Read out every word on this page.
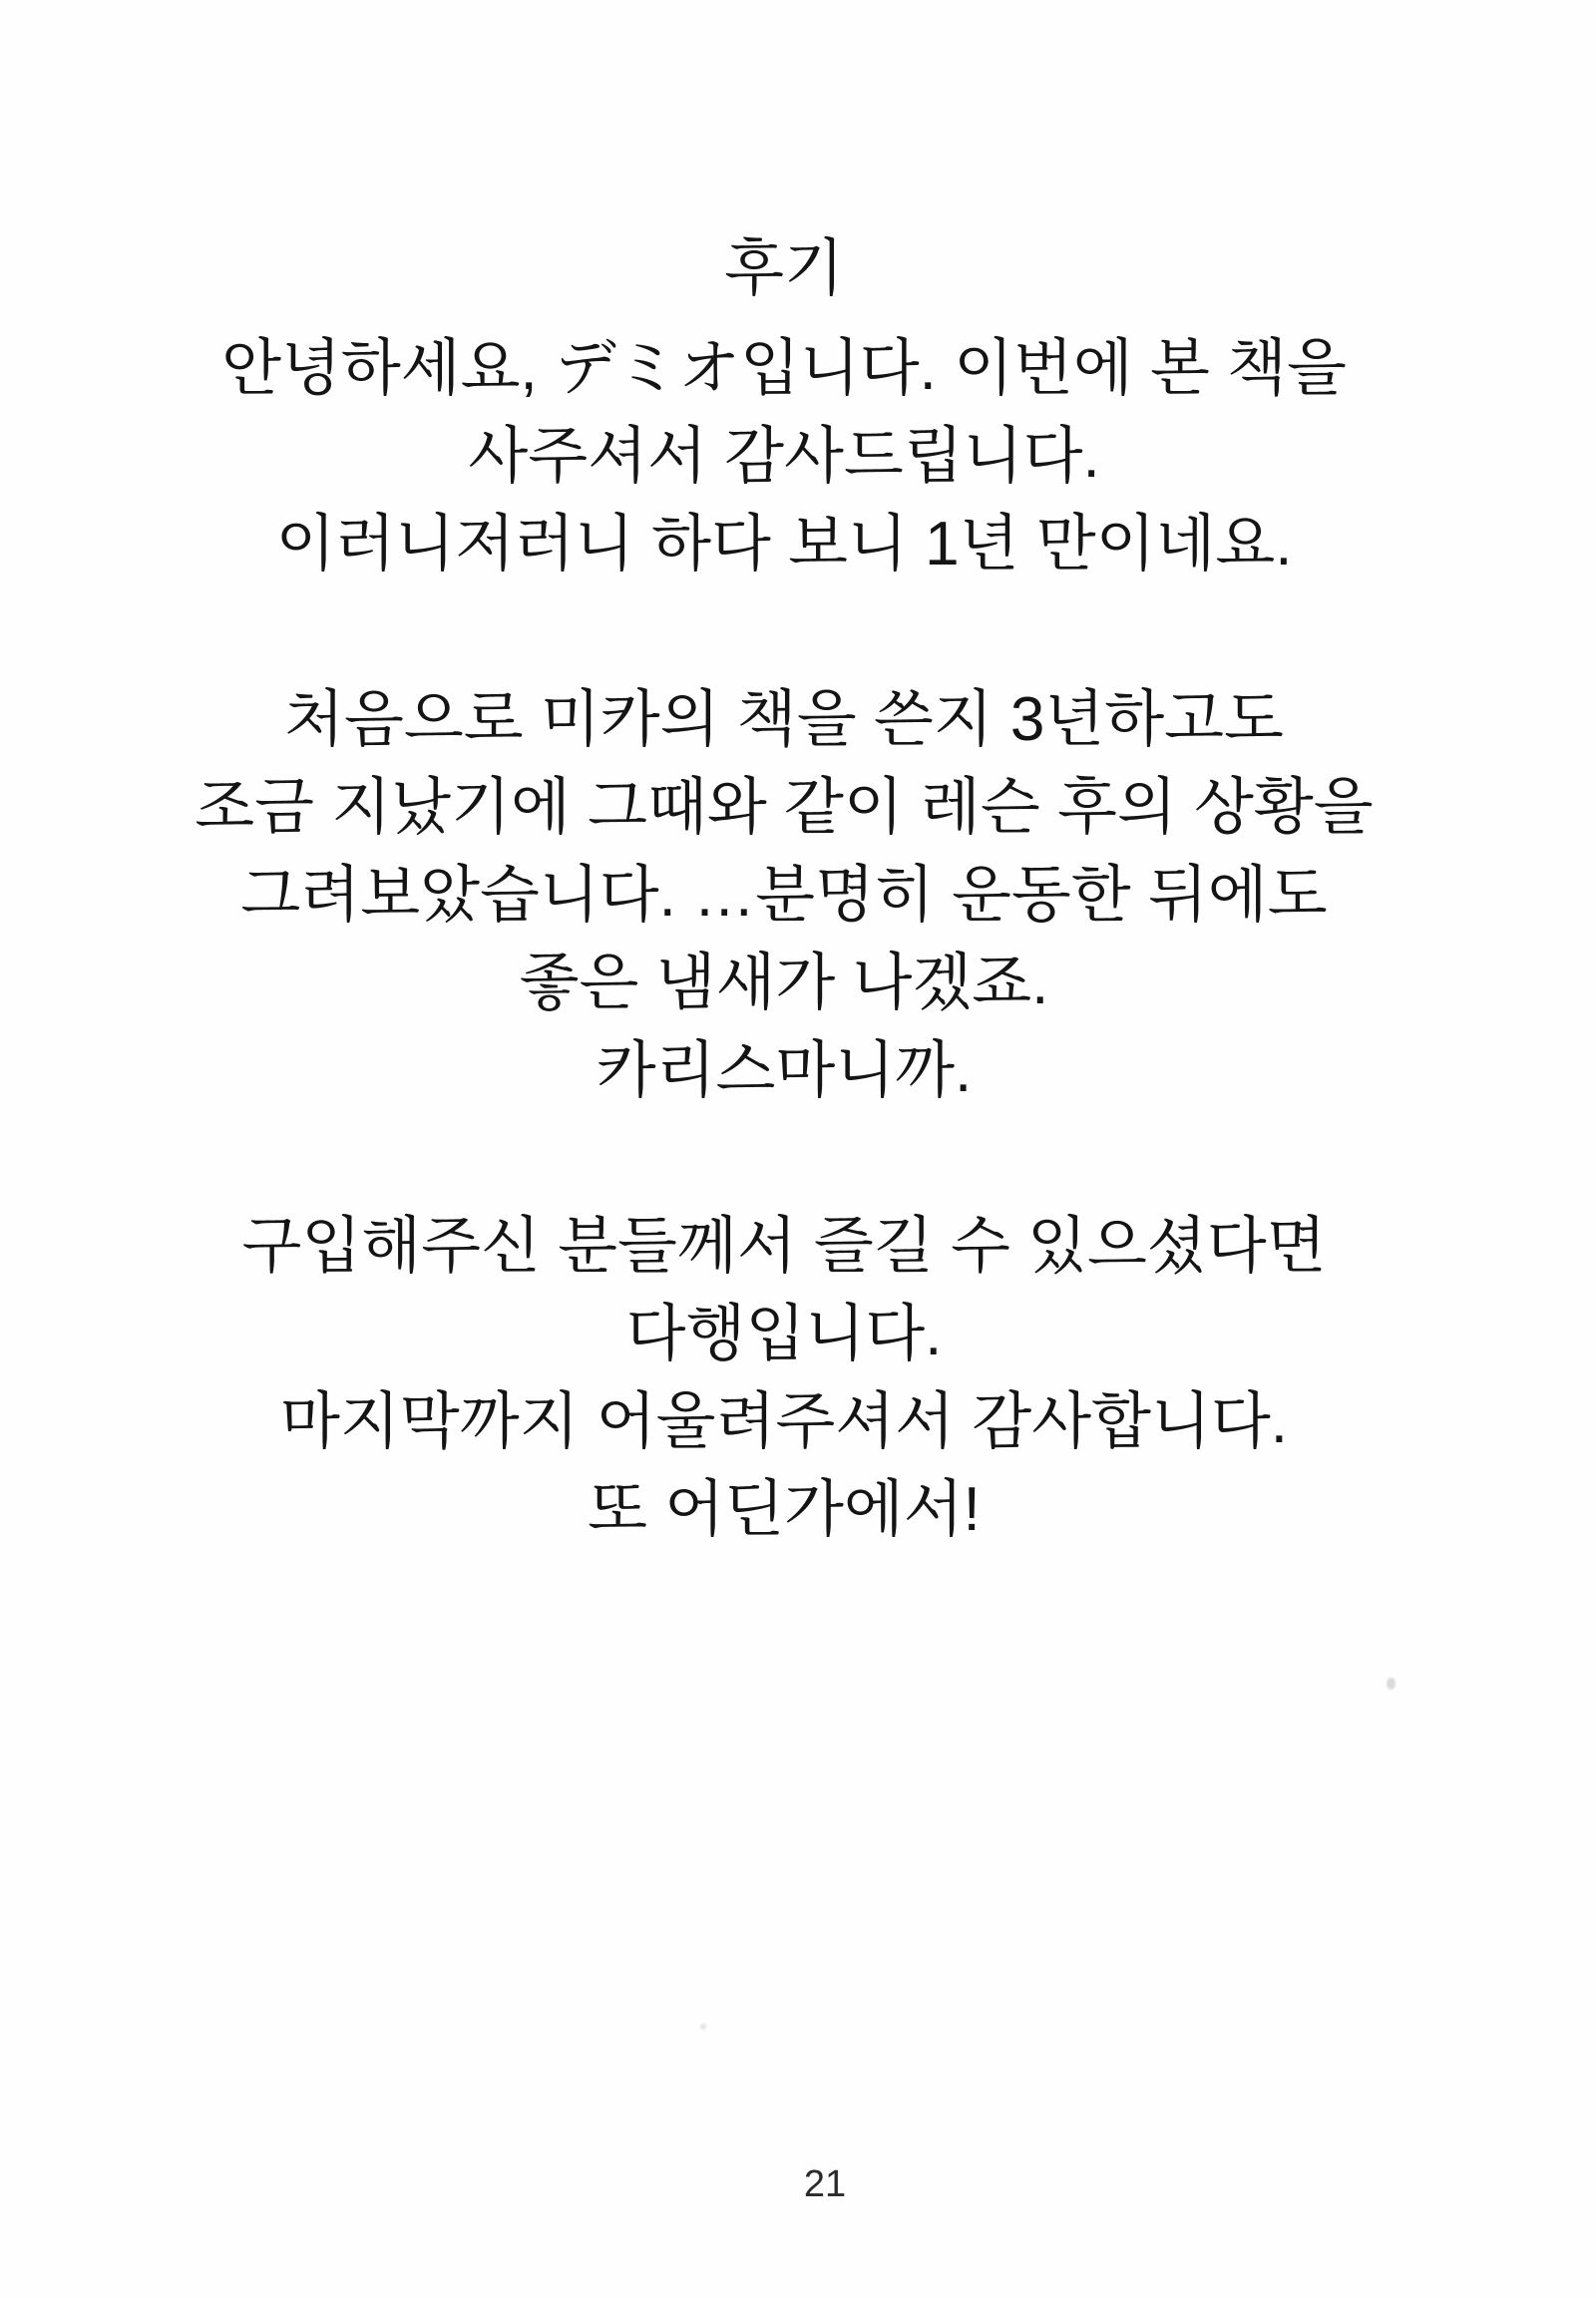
후기
안녕하세요, デミオ입니다. 이번에 본 책을
사주셔서 감사드립니다.
이러니저러니 하다 보니 1년 만이네요.
처음으로 미카의 책을 쓴지 3년하고도
조금 지났기에 그때와 같이 레슨 후의 상황을
그려보았습니다. …분명히 운동한 뒤에도
좋은 냄새가 나겠죠.
카리스마니까.
구입해주신 분들께서 즐길 수 있으셨다면
다행입니다.
마지막까지 어울려주셔서 감사합니다.
또 어딘가에서!
21
